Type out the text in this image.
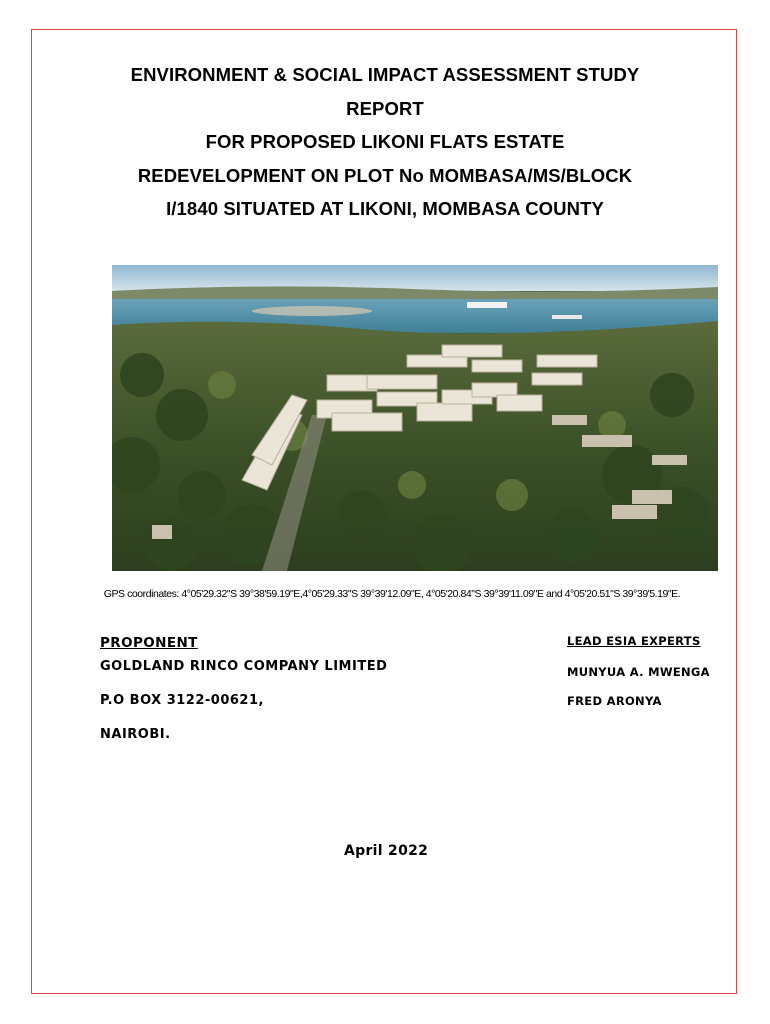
ENVIRONMENT & SOCIAL IMPACT ASSESSMENT STUDY
REPORT
FOR PROPOSED LIKONI FLATS ESTATE
REDEVELOPMENT ON PLOT No MOMBASA/MS/BLOCK
I/1840 SITUATED AT LIKONI, MOMBASA COUNTY
GPS coordinates: 4°05'29.32"S 39°38'59.19"E,4°05'29.33"S 39°39'12.09"E, 4°05'20.84"S 39°39'11.09"E and 4°05'20.51"S 39°39'5.19"E.
PROPONENT
GOLDLAND RINCO COMPANY LIMITED
P.O BOX 3122-00621,
NAIROBI.
LEAD ESIA EXPERTS
MUNYUA A. MWENGA
FRED ARONYA
April 2022
